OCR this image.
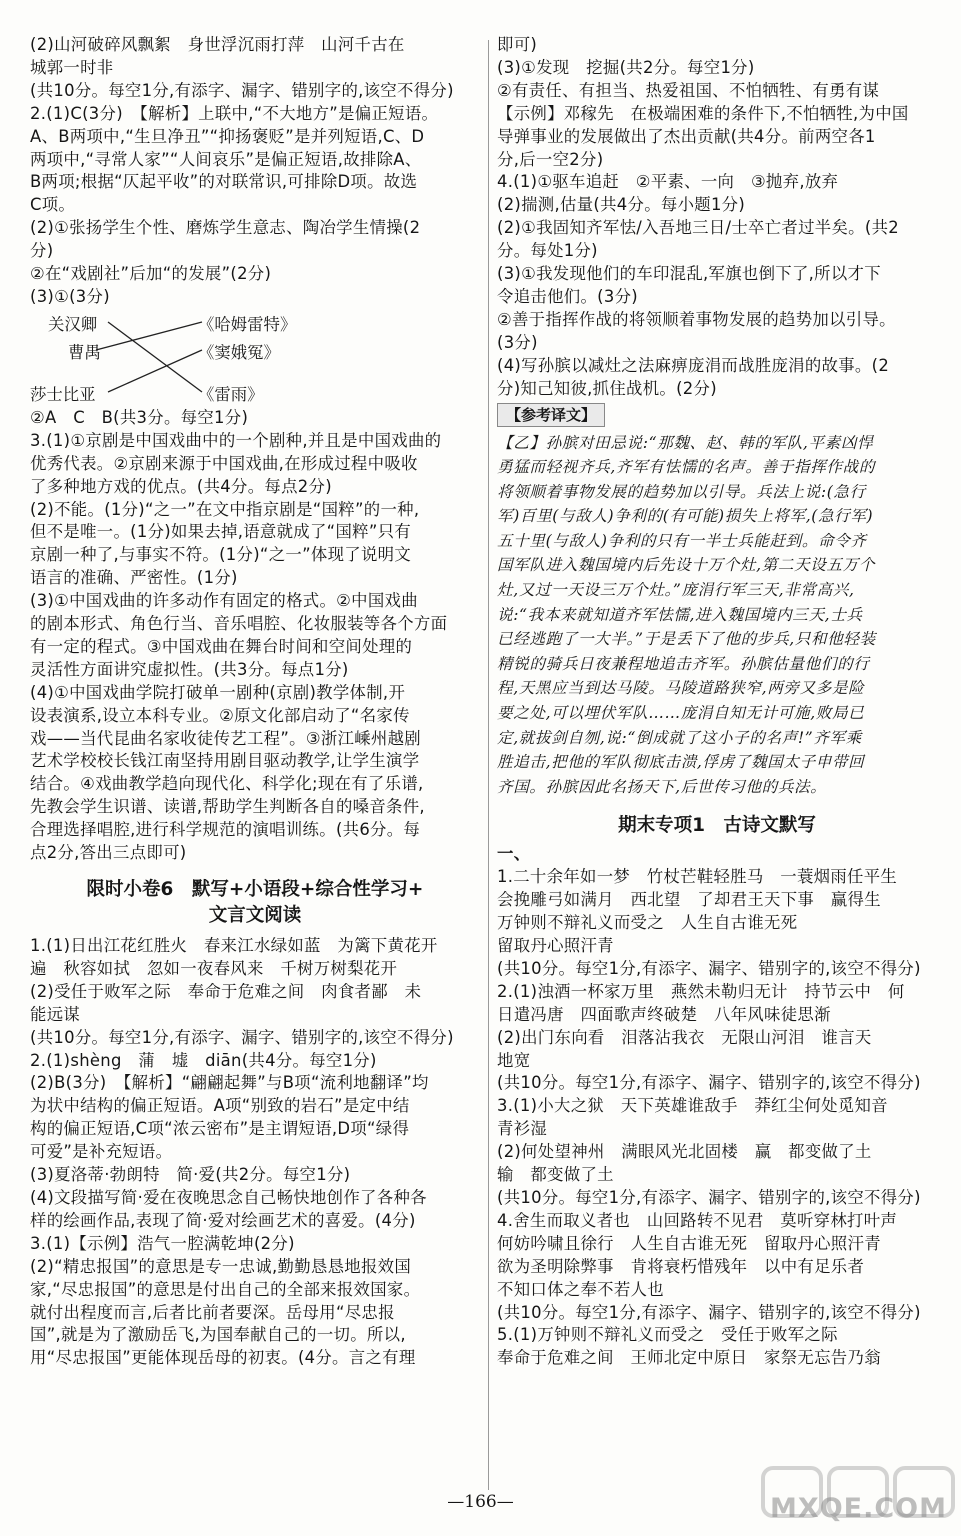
(2)山河破碎风飘絮　身世浮沉雨打萍　山河千古在
城郭一时非
(共10分。每空1分,有添字、漏字、错别字的,该空不得分)
2.(1)C(3分)　【解析】上联中,“不大地方”是偏正短语。
A、B两项中,“生旦净丑”“抑扬褒贬”是并列短语,C、D
两项中,“寻常人家”“人间哀乐”是偏正短语,故排除A、
B两项;根据“仄起平收”的对联常识,可排除D项。故选
C项。
(2)①张扬学生个性、磨炼学生意志、陶冶学生情操(2
分)
②在“戏剧社”后加“的发展”(2分)
(3)①(3分)
关汉卿
曹禺
莎士比亚
《哈姆雷特》
《窦娥冤》
《雷雨》
②A　C　B(共3分。每空1分)
3.(1)①京剧是中国戏曲中的一个剧种,并且是中国戏曲的
优秀代表。②京剧来源于中国戏曲,在形成过程中吸收
了多种地方戏的优点。(共4分。每点2分)
(2)不能。(1分)“之一”在文中指京剧是“国粹”的一种,
但不是唯一。(1分)如果去掉,语意就成了“国粹”只有
京剧一种了,与事实不符。(1分)“之一”体现了说明文
语言的准确、严密性。(1分)
(3)①中国戏曲的许多动作有固定的格式。②中国戏曲
的剧本形式、角色行当、音乐唱腔、化妆服装等各个方面
有一定的程式。③中国戏曲在舞台时间和空间处理的
灵活性方面讲究虚拟性。(共3分。每点1分)
(4)①中国戏曲学院打破单一剧种(京剧)教学体制,开
设表演系,设立本科专业。②原文化部启动了“名家传
戏——当代昆曲名家收徒传艺工程”。③浙江嵊州越剧
艺术学校校长钱江南坚持用剧目驱动教学,让学生演学
结合。④戏曲教学趋向现代化、科学化;现在有了乐谱,
先教会学生识谱、读谱,帮助学生判断各自的嗓音条件,
合理选择唱腔,进行科学规范的演唱训练。(共6分。每
点2分,答出三点即可)
限时小卷6　默写+小语段+综合性学习+
文言文阅读
1.(1)日出江花红胜火　春来江水绿如蓝　为篱下黄花开
遍　秋容如拭　忽如一夜春风来　千树万树梨花开
(2)受任于败军之际　奉命于危难之间　肉食者鄙　未
能远谋
(共10分。每空1分,有添字、漏字、错别字的,该空不得分)
2.(1)shèng　蒲　墟　diān(共4分。每空1分)
(2)B(3分)　【解析】“翩翩起舞”与B项“流利地翻译”均
为状中结构的偏正短语。A项“别致的岩石”是定中结
构的偏正短语,C项“浓云密布”是主谓短语,D项“绿得
可爱”是补充短语。
(3)夏洛蒂·勃朗特　简·爱(共2分。每空1分)
(4)文段描写简·爱在夜晚思念自己畅快地创作了各种各
样的绘画作品,表现了简·爱对绘画艺术的喜爱。(4分)
3.(1)【示例】浩气一腔满乾坤(2分)
(2)“精忠报国”的意思是专一忠诚,勤勤恳恳地报效国
家,“尽忠报国”的意思是付出自己的全部来报效国家。
就付出程度而言,后者比前者要深。岳母用“尽忠报
国”,就是为了激励岳飞,为国奉献自己的一切。所以,
用“尽忠报国”更能体现岳母的初衷。(4分。言之有理
即可)
(3)①发现　挖掘(共2分。每空1分)
②有责任、有担当、热爱祖国、不怕牺牲、有勇有谋
【示例】邓稼先　在极端困难的条件下,不怕牺牲,为中国
导弹事业的发展做出了杰出贡献(共4分。前两空各1
分,后一空2分)
4.(1)①驱车追赶　②平素、一向　③抛弃,放弃
(2)揣测,估量(共4分。每小题1分)
(2)①我固知齐军怯/入吾地三日/士卒亡者过半矣。(共2
分。每处1分)
(3)①我发现他们的车印混乱,军旗也倒下了,所以才下
令追击他们。(3分)
②善于指挥作战的将领顺着事物发展的趋势加以引导。
(3分)
(4)写孙膑以减灶之法麻痹庞涓而战胜庞涓的故事。(2
分)知己知彼,抓住战机。(2分)
【参考译文】
【乙】孙膑对田忌说:“那魏、赵、韩的军队,平素凶悍
勇猛而轻视齐兵,齐军有怯懦的名声。善于指挥作战的
将领顺着事物发展的趋势加以引导。兵法上说:(急行
军)百里(与敌人)争利的(有可能)损失上将军,(急行军)
五十里(与敌人)争利的只有一半士兵能赶到。命令齐
国军队进入魏国境内后先设十万个灶,第二天设五万个
灶,又过一天设三万个灶。”庞涓行军三天,非常高兴,
说:“我本来就知道齐军怯懦,进入魏国境内三天,士兵
已经逃跑了一大半。”于是丢下了他的步兵,只和他轻装
精锐的骑兵日夜兼程地追击齐军。孙膑估量他们的行
程,天黑应当到达马陵。马陵道路狭窄,两旁又多是险
要之处,可以埋伏军队……庞涓自知无计可施,败局已
定,就拔剑自刎,说:“倒成就了这小子的名声!”齐军乘
胜追击,把他的军队彻底击溃,俘虏了魏国太子申带回
齐国。孙膑因此名扬天下,后世传习他的兵法。
期末专项1　古诗文默写
一、
1.二十余年如一梦　竹杖芒鞋轻胜马　一蓑烟雨任平生
会挽雕弓如满月　西北望　了却君王天下事　赢得生
万钟则不辩礼义而受之　人生自古谁无死
留取丹心照汗青
(共10分。每空1分,有添字、漏字、错别字的,该空不得分)
2.(1)浊酒一杯家万里　燕然未勒归无计　持节云中　何
日遣冯唐　四面歌声终破楚　八年风味徒思渐
(2)出门东向看　泪落沾我衣　无限山河泪　谁言天
地宽
(共10分。每空1分,有添字、漏字、错别字的,该空不得分)
3.(1)小大之狱　天下英雄谁敌手　莽红尘何处觅知音
青衫湿
(2)何处望神州　满眼风光北固楼　赢　都变做了土
输　都变做了土
(共10分。每空1分,有添字、漏字、错别字的,该空不得分)
4.舍生而取义者也　山回路转不见君　莫听穿林打叶声
何妨吟啸且徐行　人生自古谁无死　留取丹心照汗青
欲为圣明除弊事　肯将衰朽惜残年　以中有足乐者
不知口体之奉不若人也
(共10分。每空1分,有添字、漏字、错别字的,该空不得分)
5.(1)万钟则不辩礼义而受之　受任于败军之际
奉命于危难之间　王师北定中原日　家祭无忘告乃翁
—166—	MXQE.COM
